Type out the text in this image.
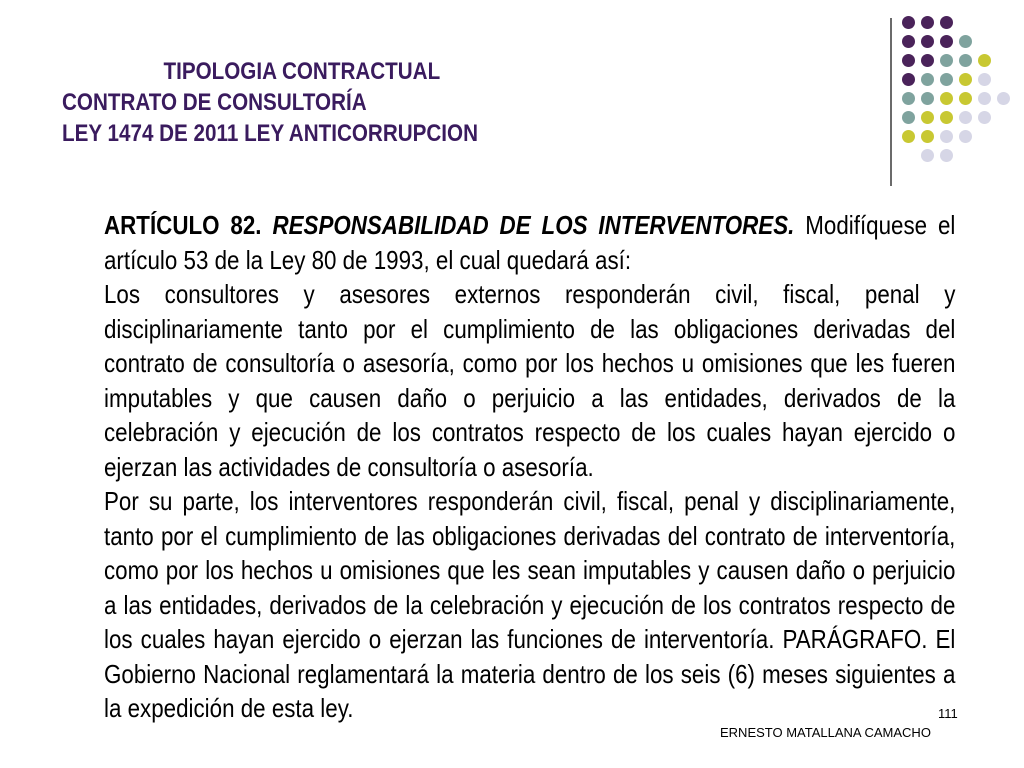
TIPOLOGIA CONTRACTUAL
CONTRATO DE CONSULTORÍA
LEY 1474 DE 2011 LEY ANTICORRUPCION

ARTÍCULO 82. RESPONSABILIDAD DE LOS INTERVENTORES. Modifíquese el artículo 53 de la Ley 80 de 1993, el cual quedará así:

Los consultores y asesores externos responderán civil, fiscal, penal y disciplinariamente tanto por el cumplimiento de las obligaciones derivadas del contrato de consultoría o asesoría, como por los hechos u omisiones que les fueren imputables y que causen daño o perjuicio a las entidades, derivados de la celebración y ejecución de los contratos respecto de los cuales hayan ejercido o ejerzan las actividades de consultoría o asesoría.

Por su parte, los interventores responderán civil, fiscal, penal y disciplinariamente, tanto por el cumplimiento de las obligaciones derivadas del contrato de interventoría, como por los hechos u omisiones que les sean imputables y causen daño o perjuicio a las entidades, derivados de la celebración y ejecución de los contratos respecto de los cuales hayan ejercido o ejerzan las funciones de interventoría. PARÁGRAFO. El Gobierno Nacional reglamentará la materia dentro de los seis (6) meses siguientes a la expedición de esta ley.	111
ERNESTO MATALLANA CAMACHO
